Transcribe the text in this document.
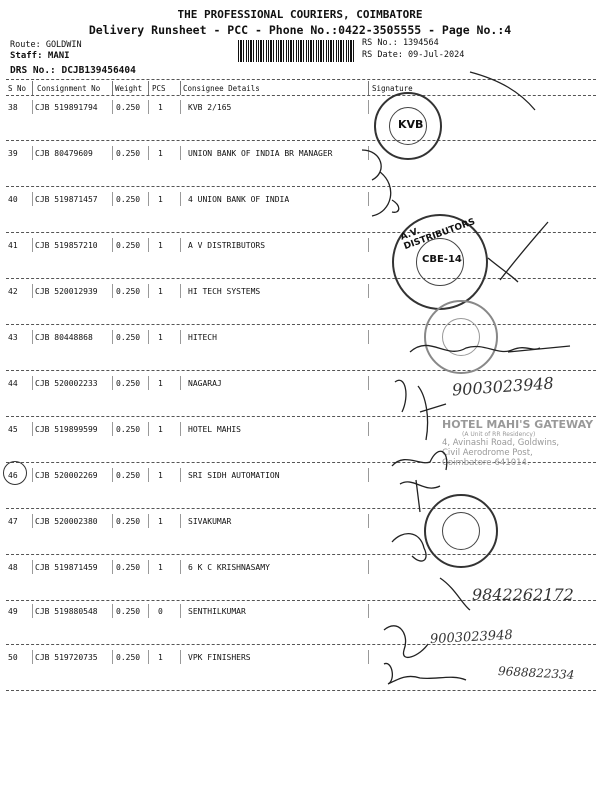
THE PROFESSIONAL COURIERS, COIMBATORE
Delivery Runsheet - PCC - Phone No.:0422-3505555 - Page No.:4
Route: GOLDWIN
Staff: MANI
DRS No.: DCJB139456404
RS No.: 1394564
RS Date: 09-Jul-2024
S No Consignment No Weight PCS Consignee Details	Signature
38 CJB 519891794 0.250 1	KVB 2/165
39 CJB 80479609	0.250 1	UNION BANK OF INDIA BR MANAGER
40 CJB 519871457 0.250 1	4 UNION BANK OF INDIA
41 CJB 519857210 0.250 1	A V DISTRIBUTORS
42 CJB 520012939 0.250 1	HI TECH SYSTEMS
43 CJB 80448868	0.250 1	HITECH
44 CJB 520002233 0.250 1	NAGARAJ
45 CJB 519899599 0.250 1	HOTEL MAHIS
46 CJB 520002269 0.250 1	SRI SIDH AUTOMATION
47 CJB 520002380 0.250 1	SIVAKUMAR
48 CJB 519871459 0.250 1	6 K C KRISHNASAMY
49 CJB 519880548 0.250 0	SENTHILKUMAR
50 CJB 519720735 0.250 1	VPK FINISHERS
KVB
A.V. DISTRIBUTORS
CBE-14
HOTEL MAHI'S GATEWAY
(A Unit of RR Residency)
4, Avinashi Road, Goldwins,
Civil Aerodrome Post,
Coimbatore-641014.
9003023948
9842262172
9003023948
9688822334
